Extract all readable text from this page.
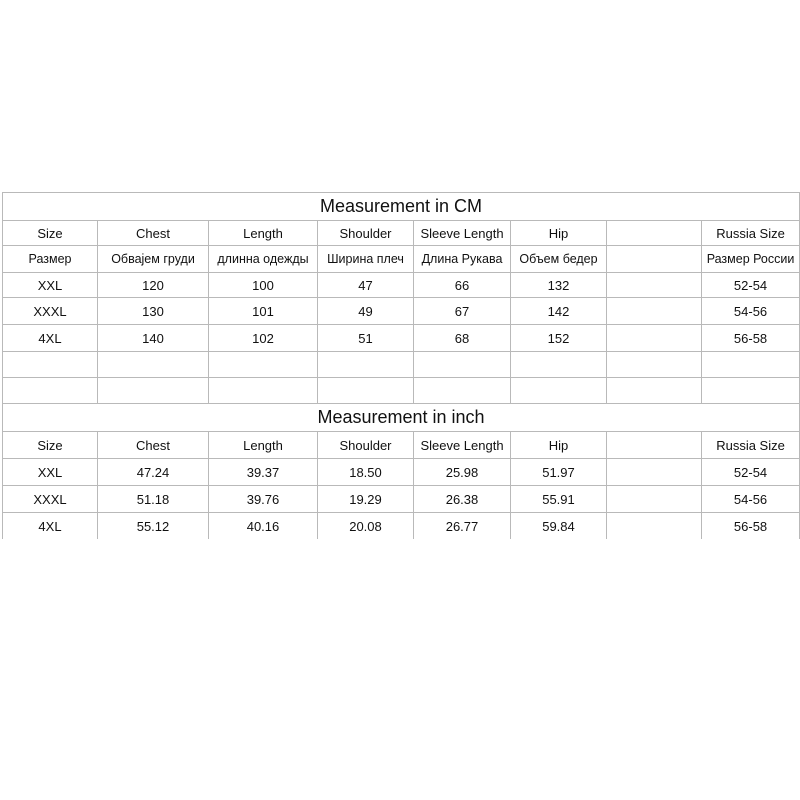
Measurement in CM							
Size	Chest	Length	Shoulder	Sleeve Length	Hip		Russia Size
Размер	Обвајем груди	длинна одежды	Ширина плеч	Длина Рукава	Объем бедер		Размер России
XXL	120	100	47	66	132		52-54
XXXL	130	101	49	67	142		54-56
4XL	140	102	51	68	152		56-58

Measurement in inch							
Size	Chest	Length	Shoulder	Sleeve Length	Hip		Russia Size
XXL	47.24	39.37	18.50	25.98	51.97		52-54
XXXL	51.18	39.76	19.29	26.38	55.91		54-56
4XL	55.12	40.16	20.08	26.77	59.84		56-58
